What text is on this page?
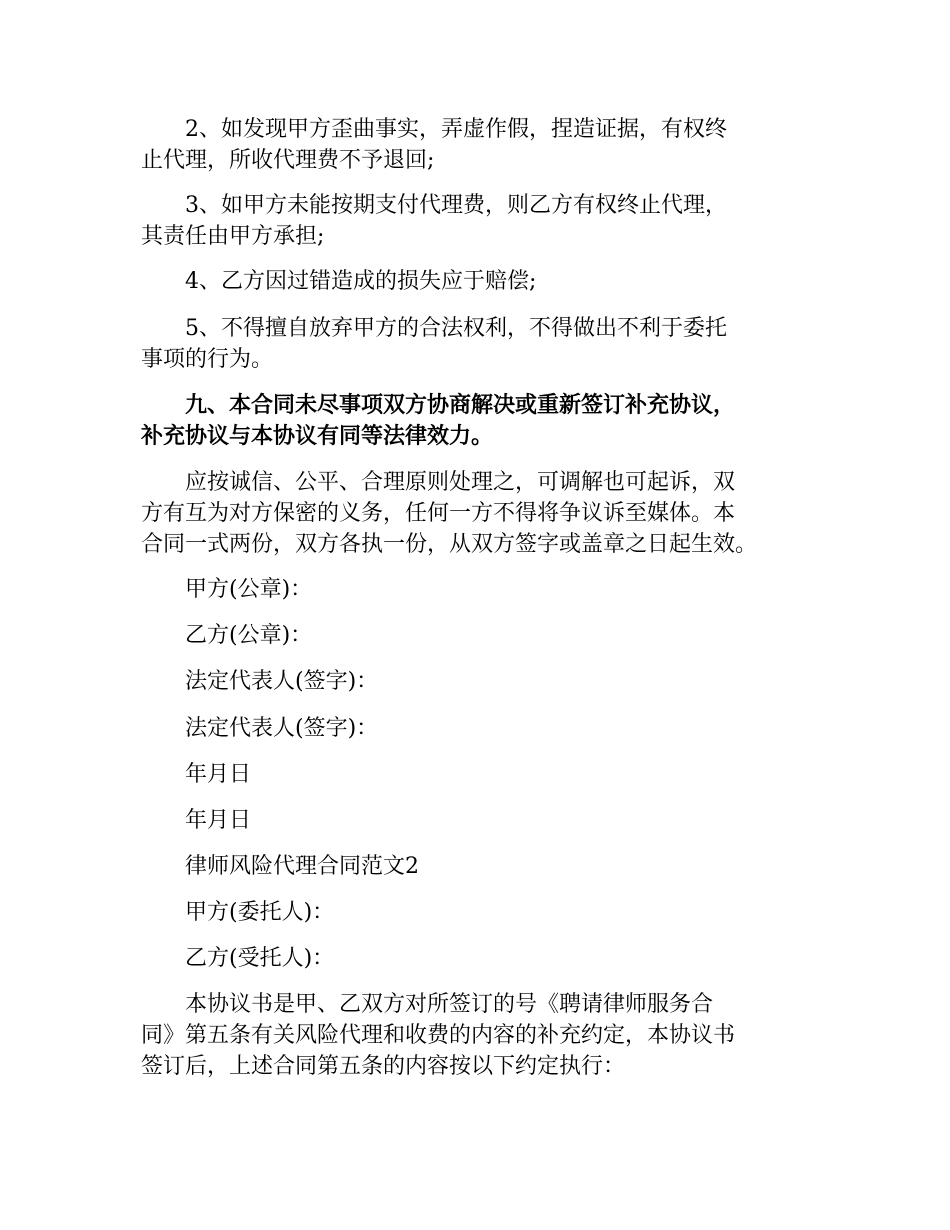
2、如发现甲方歪曲事实，弄虚作假，捏造证据，有权终
止代理，所收代理费不予退回;
3、如甲方未能按期支付代理费，则乙方有权终止代理，
其责任由甲方承担;
4、乙方因过错造成的损失应于赔偿;
5、不得擅自放弃甲方的合法权利，不得做出不利于委托
事项的行为。
九、本合同未尽事项双方协商解决或重新签订补充协议，
补充协议与本协议有同等法律效力。
应按诚信、公平、合理原则处理之，可调解也可起诉，双
方有互为对方保密的义务，任何一方不得将争议诉至媒体。本
合同一式两份，双方各执一份，从双方签字或盖章之日起生效。
甲方(公章)：
乙方(公章)：
法定代表人(签字)：
法定代表人(签字)：
年月日
年月日
律师风险代理合同范文2
甲方(委托人)：
乙方(受托人)：
本协议书是甲、乙双方对所签订的号《聘请律师服务合
同》第五条有关风险代理和收费的内容的补充约定，本协议书
签订后，上述合同第五条的内容按以下约定执行：
